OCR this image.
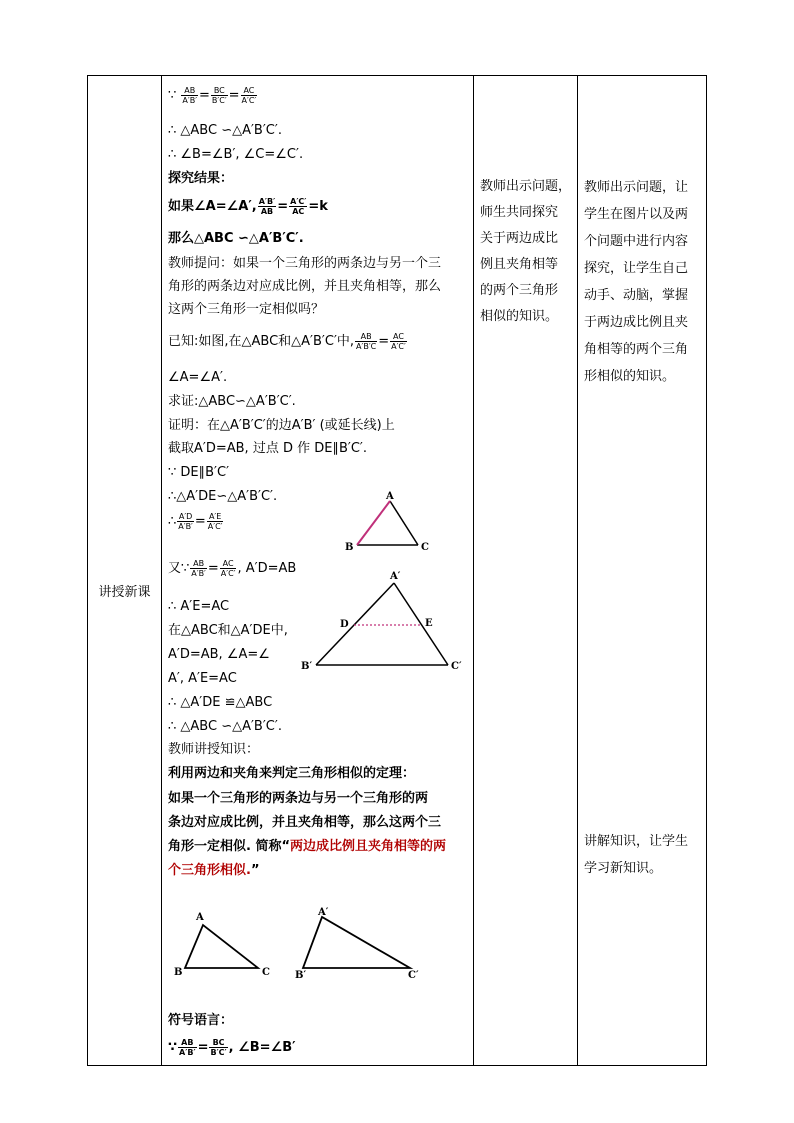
讲授新课
∵ $\frac{AB}{A'B'} = \frac{BC}{B'C'} = \frac{AC}{A'C'}$
∴ △ABC ∽△A′B′C′.
∴ ∠B=∠B′, ∠C=∠C′.
探究结果：
如果∠A=∠A′, $\frac{A'B'}{AB} = \frac{A'C'}{AC} =k$
那么△ABC ∽△A′B′C′.
教师提问：如果一个三角形的两条边与另一个三
角形的两条边对应成比例，并且夹角相等，那么
这两个三角形一定相似吗？
已知:如图,在△ABC和△A′B′C′中, $\frac{AB}{A'B'C} = \frac{AC}{A'C'}$
∠A=∠A′.
求证:△ABC∽△A′B′C′.
证明：在△A′B′C′的边A′B′ (或延长线)上
截取A′D=AB, 过点 D 作 DE∥B′C′.
∵ DE∥B′C′
∴△A′DE∽△A′B′C′.
∴ $\frac{A'D}{A'B'} = \frac{A'E}{A'C'}$
又∵ $\frac{AB}{A'B'} = \frac{AC}{A'C'}$ , A′D=AB
∴ A′E=AC
在△ABC和△A′DE中,
A′D=AB, ∠A=∠
A′, A′E=AC
∴ △A′DE ≌△ABC
∴ △ABC ∽△A′B′C′.
教师讲授知识：
利用两边和夹角来判定三角形相似的定理：
如果一个三角形的两条边与另一个三角形的两
条边对应成比例，并且夹角相等，那么这两个三
角形一定相似. 简称“两边成比例且夹角相等的两
个三角形相似.”
符号语言：
∵ $\frac{AB}{A'B'} = \frac{BC}{B'C'}$ , ∠B=∠B′
A
B	C
A′
B′	C′
D	E
A
B	C
A′
B′	C′
教师出示问题，
师生共同探究
关于两边成比
例且夹角相等
的两个三角形
相似的知识。
教师出示问题，让
学生在图片以及两
个问题中进行内容
探究，让学生自己
动手、动脑，掌握
于两边成比例且夹
角相等的两个三角
形相似的知识。
讲解知识，让学生
学习新知识。
